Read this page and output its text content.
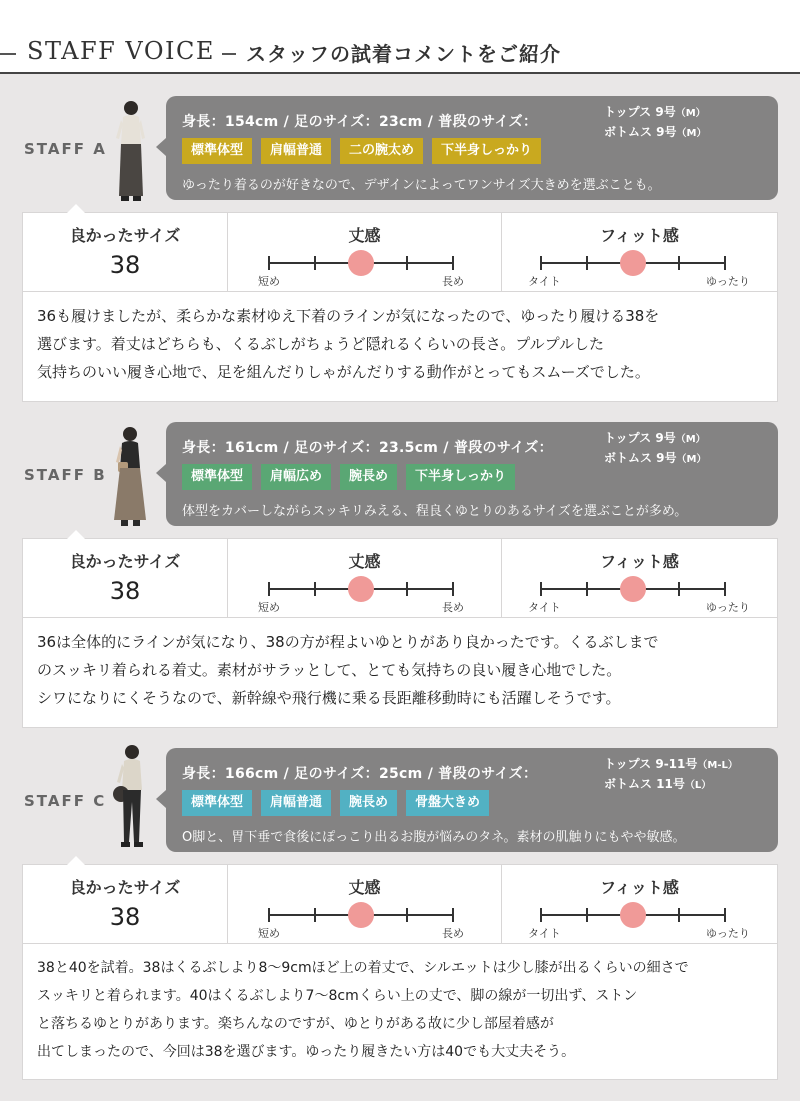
STAFF VOICE スタッフの試着コメントをご紹介
STAFF A
身長：154cm / 足のサイズ：23cm / 普段のサイズ：
トップス 9号（M）
ボトムス 9号（M）
標準体型	肩幅普通	二の腕太め	下半身しっかり
ゆったり着るのが好きなので、デザインによってワンサイズ大きめを選ぶことも。
良かったサイズ
38
丈感
短め	長め
フィット感
タイト	ゆったり

36も履けましたが、柔らかな素材ゆえ下着のラインが気になったので、ゆったり履ける38を

選びます。着丈はどちらも、くるぶしがちょうど隠れるくらいの長さ。プルプルした

気持ちのいい履き心地で、足を組んだりしゃがんだりする動作がとってもスムーズでした。

STAFF B
身長：161cm / 足のサイズ：23.5cm / 普段のサイズ：
トップス 9号（M）
ボトムス 9号（M）
標準体型	肩幅広め	腕長め	下半身しっかり
体型をカバーしながらスッキリみえる、程良くゆとりのあるサイズを選ぶことが多め。
良かったサイズ
38
丈感
短め	長め
フィット感
タイト	ゆったり

36は全体的にラインが気になり、38の方が程よいゆとりがあり良かったです。くるぶしまで

のスッキリ着られる着丈。素材がサラッとして、とても気持ちの良い履き心地でした。

シワになりにくそうなので、新幹線や飛行機に乗る長距離移動時にも活躍しそうです。

STAFF C
身長：166cm / 足のサイズ：25cm / 普段のサイズ：
トップス 9-11号（M-L）
ボトムス 11号（L）
標準体型	肩幅普通	腕長め	骨盤大きめ
O脚と、胃下垂で食後にぽっこり出るお腹が悩みのタネ。素材の肌触りにもやや敏感。
良かったサイズ
38
丈感
短め	長め
フィット感
タイト	ゆったり

38と40を試着。38はくるぶしより8〜9cmほど上の着丈で、シルエットは少し膝が出るくらいの細さで

スッキリと着られます。40はくるぶしより7〜8cmくらい上の丈で、脚の線が一切出ず、ストン

と落ちるゆとりがあります。楽ちんなのですが、ゆとりがある故に少し部屋着感が

出てしまったので、今回は38を選びます。ゆったり履きたい方は40でも大丈夫そう。
